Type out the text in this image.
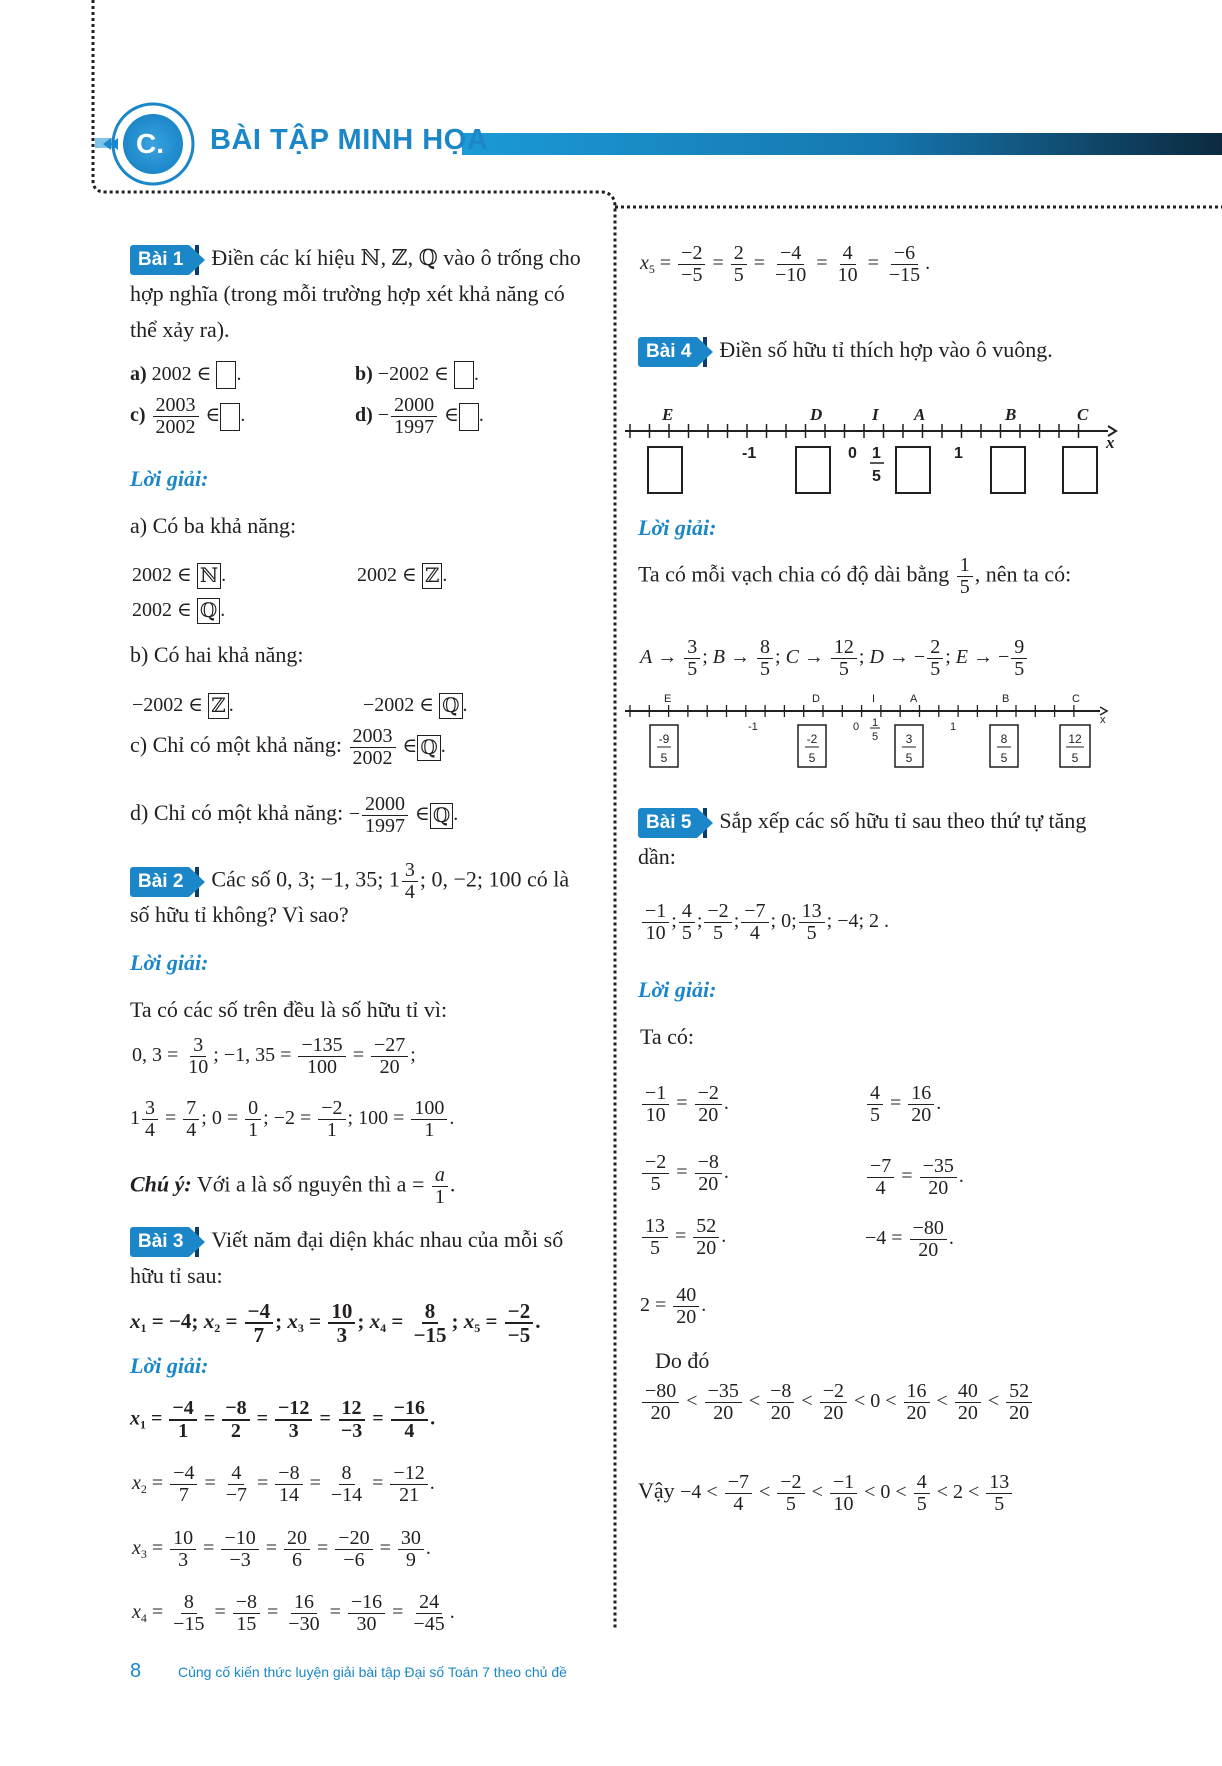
C. BÀI TẬP MINH HỌA
Bài 1 Điền các kí hiệu ℕ, ℤ, ℚ vào ô trống cho hợp nghĩa (trong mỗi trường hợp xét khả năng có thể xảy ra).
a) 2002 ∈ .	b) −2002 ∈ .
$c) \frac{2003}{2002}$ ∈ .	$d) - \frac{2000}{1997}$ ∈ .
Lời giải:
a) Có ba khả năng:
2002 ∈ ℕ .	2002 ∈ ℤ .
2002 ∈ ℚ .
b) Có hai khả năng:
−2002 ∈ ℤ .	−2002 ∈ ℚ .
c) Chỉ có một khả năng: $\frac{2003}{2002}$ ∈ ℚ .
d) Chỉ có một khả năng: − $\frac{2000}{1997}$ ∈ ℚ .
Bài 2 Các số 0, 3; −1, 35; $1 \frac{3}{4}$ ; 0, −2; 100 có là
số hữu tỉ không? Vì sao?
Lời giải:
Ta có các số trên đều là số hữu tỉ vì:
0, $3 = \frac{3}{10}$ ; −1, $35 = \frac{-135}{100} = \frac{-27}{20}$ ;
$1 \frac{3}{4} = \frac{7}{4}$ ; $0 = \frac{0}{1}$ ; $-2 = \frac{-2}{1}$ ; $100 = \frac{100}{1}$ .
Chú ý: Với a là số nguyên thì $a = \frac{a}{1}$ .
Bài 3 Viết năm đại diện khác nhau của mỗi số hữu tỉ sau:
$x_1 = -4$; $x_2 = \frac{-4}{7}$ ; $x_3 = \frac{10}{3}$ ; $x_4 = \frac{8}{-15}$ ; $x_5 = \frac{-2}{-5}$ .
Lời giải:
$x_1 = \frac{-4}{1} = \frac{-8}{2} = \frac{-12}{3} = \frac{12}{-3} = \frac{-16}{4}$ .
$x_2 = \frac{-4}{7} = \frac{4}{-7} = \frac{-8}{14} = \frac{8}{-14} = \frac{-12}{21}$ .
$x_3 = \frac{10}{3} = \frac{-10}{-3} = \frac{20}{6} = \frac{-20}{-6} = \frac{30}{9}$ .
$x_4 = \frac{8}{-15} = \frac{-8}{15} = \frac{16}{-30} = \frac{-16}{30} = \frac{24}{-45}$ .
8	Củng cố kiến thức luyện giải bài tập Đại số Toán 7 theo chủ đề
$x_5 = \frac{-2}{-5} = \frac{2}{5} = \frac{-4}{-10} = \frac{4}{10} = \frac{-6}{-15}$ .
Bài 4 Điền số hữu tỉ thích hợp vào ô vuông.
E	D	I A	B	C
x
-1	0	1
1
5
Lời giải:
Ta có mỗi vạch chia có độ dài bằng $\frac{1}{5}$ , nên ta có:
$A \to \frac{3}{5}$ ; $B \to \frac{8}{5}$ ; $C \to \frac{12}{5}$ ; D → − $\frac{2}{5}$ ; E → − $\frac{9}{5}$
E	D	I	A	B	C
x
-1	0	1
1
5
-9
5
-2
5
3
5
8
5
12
5
Bài 5 Sắp xếp các số hữu tỉ sau theo thứ tự tăng dần:
$\frac{-1}{10}$ ; $\frac{4}{5}$ ; $\frac{-2}{5}$ ; $\frac{-7}{4}$ ; 0; $\frac{13}{5}$ ; −4; 2 .
Lời giải:
Ta có:
$\frac{-1}{10} = \frac{-2}{20}$ .	$\frac{4}{5} = \frac{16}{20}$ .
$\frac{-2}{5} = \frac{-8}{20}$ .	$\frac{-7}{4} = \frac{-35}{20}$ .
$\frac{13}{5} = \frac{52}{20}$ .	$-4 = \frac{-80}{20}$ .
$2 = \frac{40}{20}$ .
Do đó
$\frac{-80}{20} < \frac{-35}{20} < \frac{-8}{20} < \frac{-2}{20} < 0 < \frac{16}{20} < \frac{40}{20} < \frac{52}{20}$
Vậy $-4 < \frac{-7}{4} < \frac{-2}{5} < \frac{-1}{10} < 0 < \frac{4}{5} < 2 < \frac{13}{5}$
